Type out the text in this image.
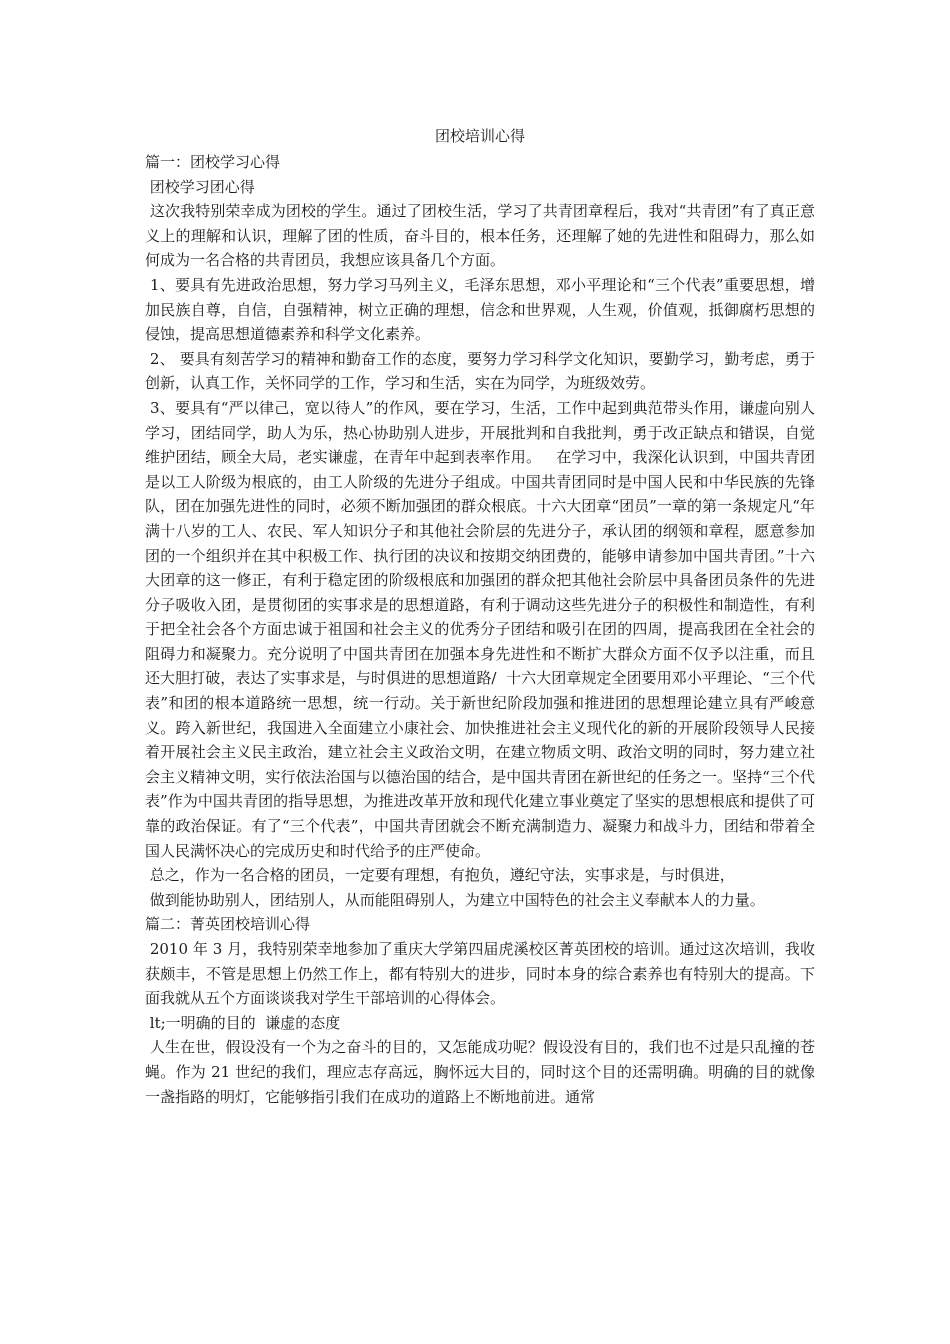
团校培训心得

篇一：团校学习心得

团校学习团心得

这次我特别荣幸成为团校的学生。通过了团校生活，学习了共青团章程后，我对“共青团”有了真正意义上的理解和认识，理解了团的性质，奋斗目的，根本任务，还理解了她的先进性和阻碍力，那么如何成为一名合格的共青团员，我想应该具备几个方面。

1、要具有先进政治思想，努力学习马列主义，毛泽东思想，邓小平理论和“三个代表”重要思想，增加民族自尊，自信，自强精神，树立正确的理想，信念和世界观，人生观，价值观，抵御腐朽思想的侵蚀，提高思想道德素养和科学文化素养。

2、 要具有刻苦学习的精神和勤奋工作的态度，要努力学习科学文化知识，要勤学习，勤考虑，勇于创新，认真工作，关怀同学的工作，学习和生活，实在为同学，为班级效劳。

3、要具有“严以律己，宽以待人”的作风，要在学习，生活，工作中起到典范带头作用，谦虚向别人学习，团结同学，助人为乐，热心协助别人进步，开展批判和自我批判，勇于改正缺点和错误，自觉维护团结，顾全大局，老实谦虚，在青年中起到表率作用。   在学习中，我深化认识到，中国共青团是以工人阶级为根底的，由工人阶级的先进分子组成。中国共青团同时是中国人民和中华民族的先锋队，团在加强先进性的同时，必须不断加强团的群众根底。十六大团章“团员”一章的第一条规定凡“年满十八岁的工人、农民、军人知识分子和其他社会阶层的先进分子，承认团的纲领和章程，愿意参加团的一个组织并在其中积极工作、执行团的决议和按期交纳团费的，能够申请参加中国共青团。”十六大团章的这一修正，有利于稳定团的阶级根底和加强团的群众把其他社会阶层中具备团员条件的先进分子吸收入团，是贯彻团的实事求是的思想道路，有利于调动这些先进分子的积极性和制造性，有利于把全社会各个方面忠诚于祖国和社会主义的优秀分子团结和吸引在团的四周，提高我团在全社会的阻碍力和凝聚力。充分说明了中国共青团在加强本身先进性和不断扩大群众方面不仅予以注重，而且还大胆打破，表达了实事求是，与时俱进的思想道路/  十六大团章规定全团要用邓小平理论、“三个代表”和团的根本道路统一思想，统一行动。关于新世纪阶段加强和推进团的思想理论建立具有严峻意义。跨入新世纪，我国进入全面建立小康社会、加快推进社会主义现代化的新的开展阶段领导人民接着开展社会主义民主政治，建立社会主义政治文明，在建立物质文明、政治文明的同时，努力建立社会主义精神文明，实行依法治国与以德治国的结合，是中国共青团在新世纪的任务之一。坚持“三个代表”作为中国共青团的指导思想，为推进改革开放和现代化建立事业奠定了坚实的思想根底和提供了可靠的政治保证。有了“三个代表”，中国共青团就会不断充满制造力、凝聚力和战斗力，团结和带着全国人民满怀决心的完成历史和时代给予的庄严使命。

总之，作为一名合格的团员，一定要有理想，有抱负，遵纪守法，实事求是，与时俱进，

做到能协助别人，团结别人，从而能阻碍别人，为建立中国特色的社会主义奉献本人的力量。

篇二：菁英团校培训心得

2010 年 3 月，我特别荣幸地参加了重庆大学第四届虎溪校区菁英团校的培训。通过这次培训，我收获颇丰，不管是思想上仍然工作上，都有特别大的进步，同时本身的综合素养也有特别大的提高。下面我就从五个方面谈谈我对学生干部培训的心得体会。

lt;一明确的目的  谦虚的态度

人生在世，假设没有一个为之奋斗的目的，又怎能成功呢？假设没有目的，我们也不过是只乱撞的苍蝇。作为 21 世纪的我们，理应志存高远，胸怀远大目的，同时这个目的还需明确。明确的目的就像一盏指路的明灯，它能够指引我们在成功的道路上不断地前进。通常
